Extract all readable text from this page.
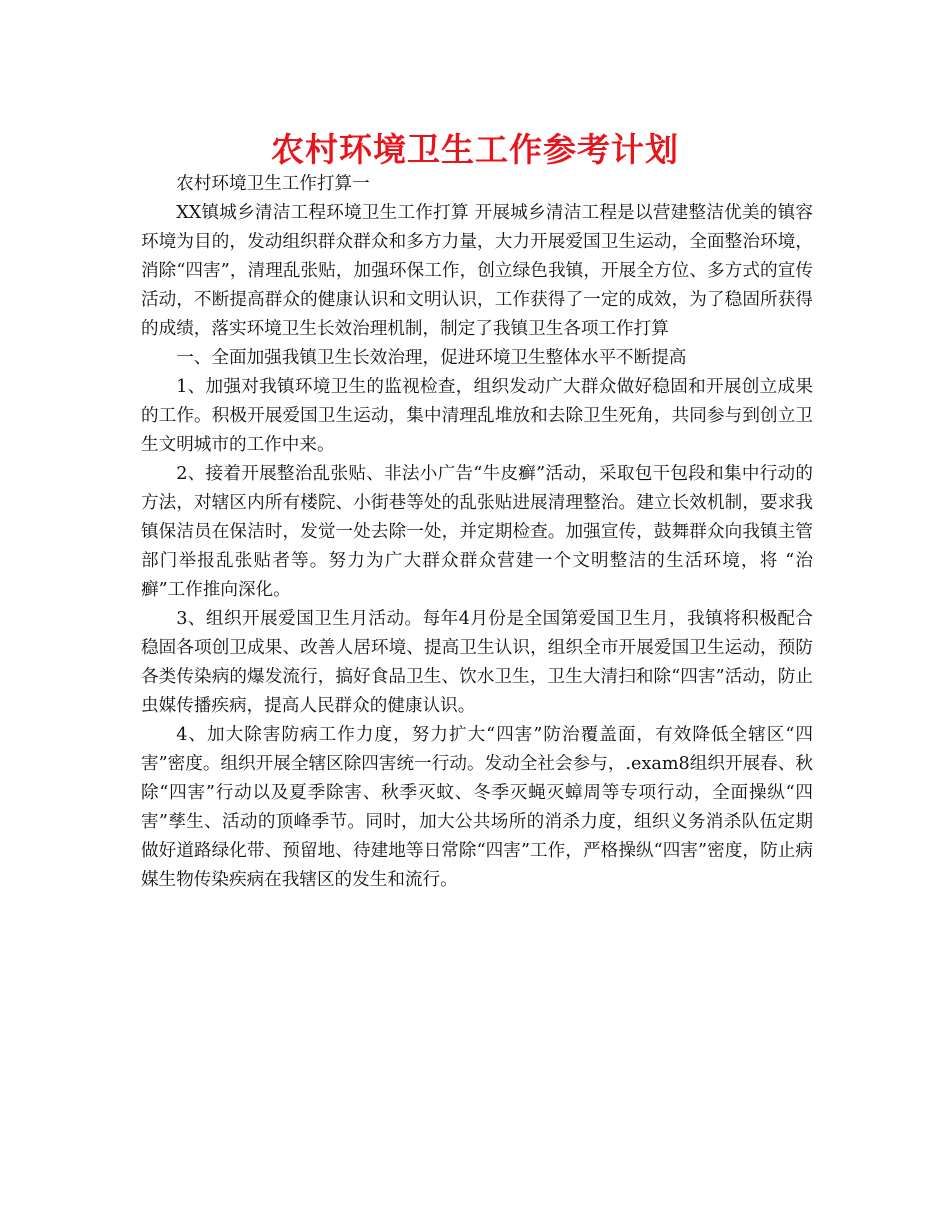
农村环境卫生工作参考计划

农村环境卫生工作打算一

XX镇城乡清洁工程环境卫生工作打算 开展城乡清洁工程是以营建整洁优美的镇容环境为目的，发动组织群众群众和多方力量，大力开展爱国卫生运动，全面整治环境，消除“四害”，清理乱张贴，加强环保工作，创立绿色我镇，开展全方位、多方式的宣传活动，不断提高群众的健康认识和文明认识，工作获得了一定的成效，为了稳固所获得的成绩，落实环境卫生长效治理机制，制定了我镇卫生各项工作打算

一、全面加强我镇卫生长效治理，促进环境卫生整体水平不断提高

1、加强对我镇环境卫生的监视检查，组织发动广大群众做好稳固和开展创立成果的工作。积极开展爱国卫生运动，集中清理乱堆放和去除卫生死角，共同参与到创立卫生文明城市的工作中来。

2、接着开展整治乱张贴、非法小广告“牛皮癣”活动，采取包干包段和集中行动的方法，对辖区内所有楼院、小街巷等处的乱张贴进展清理整治。建立长效机制，要求我镇保洁员在保洁时，发觉一处去除一处，并定期检查。加强宣传，鼓舞群众向我镇主管部门举报乱张贴者等。努力为广大群众群众营建一个文明整洁的生活环境，将 “治癣”工作推向深化。

3、组织开展爱国卫生月活动。每年4月份是全国第爱国卫生月，我镇将积极配合稳固各项创卫成果、改善人居环境、提高卫生认识，组织全市开展爱国卫生运动，预防各类传染病的爆发流行，搞好食品卫生、饮水卫生，卫生大清扫和除“四害”活动，防止虫媒传播疾病，提高人民群众的健康认识。

4、加大除害防病工作力度，努力扩大“四害”防治覆盖面，有效降低全辖区“四害”密度。组织开展全辖区除四害统一行动。发动全社会参与，.exam8组织开展春、秋除“四害”行动以及夏季除害、秋季灭蚊、冬季灭蝇灭蟑周等专项行动，全面操纵“四害”孳生、活动的顶峰季节。同时，加大公共场所的消杀力度，组织义务消杀队伍定期做好道路绿化带、预留地、待建地等日常除“四害”工作，严格操纵“四害”密度，防止病媒生物传染疾病在我辖区的发生和流行。
